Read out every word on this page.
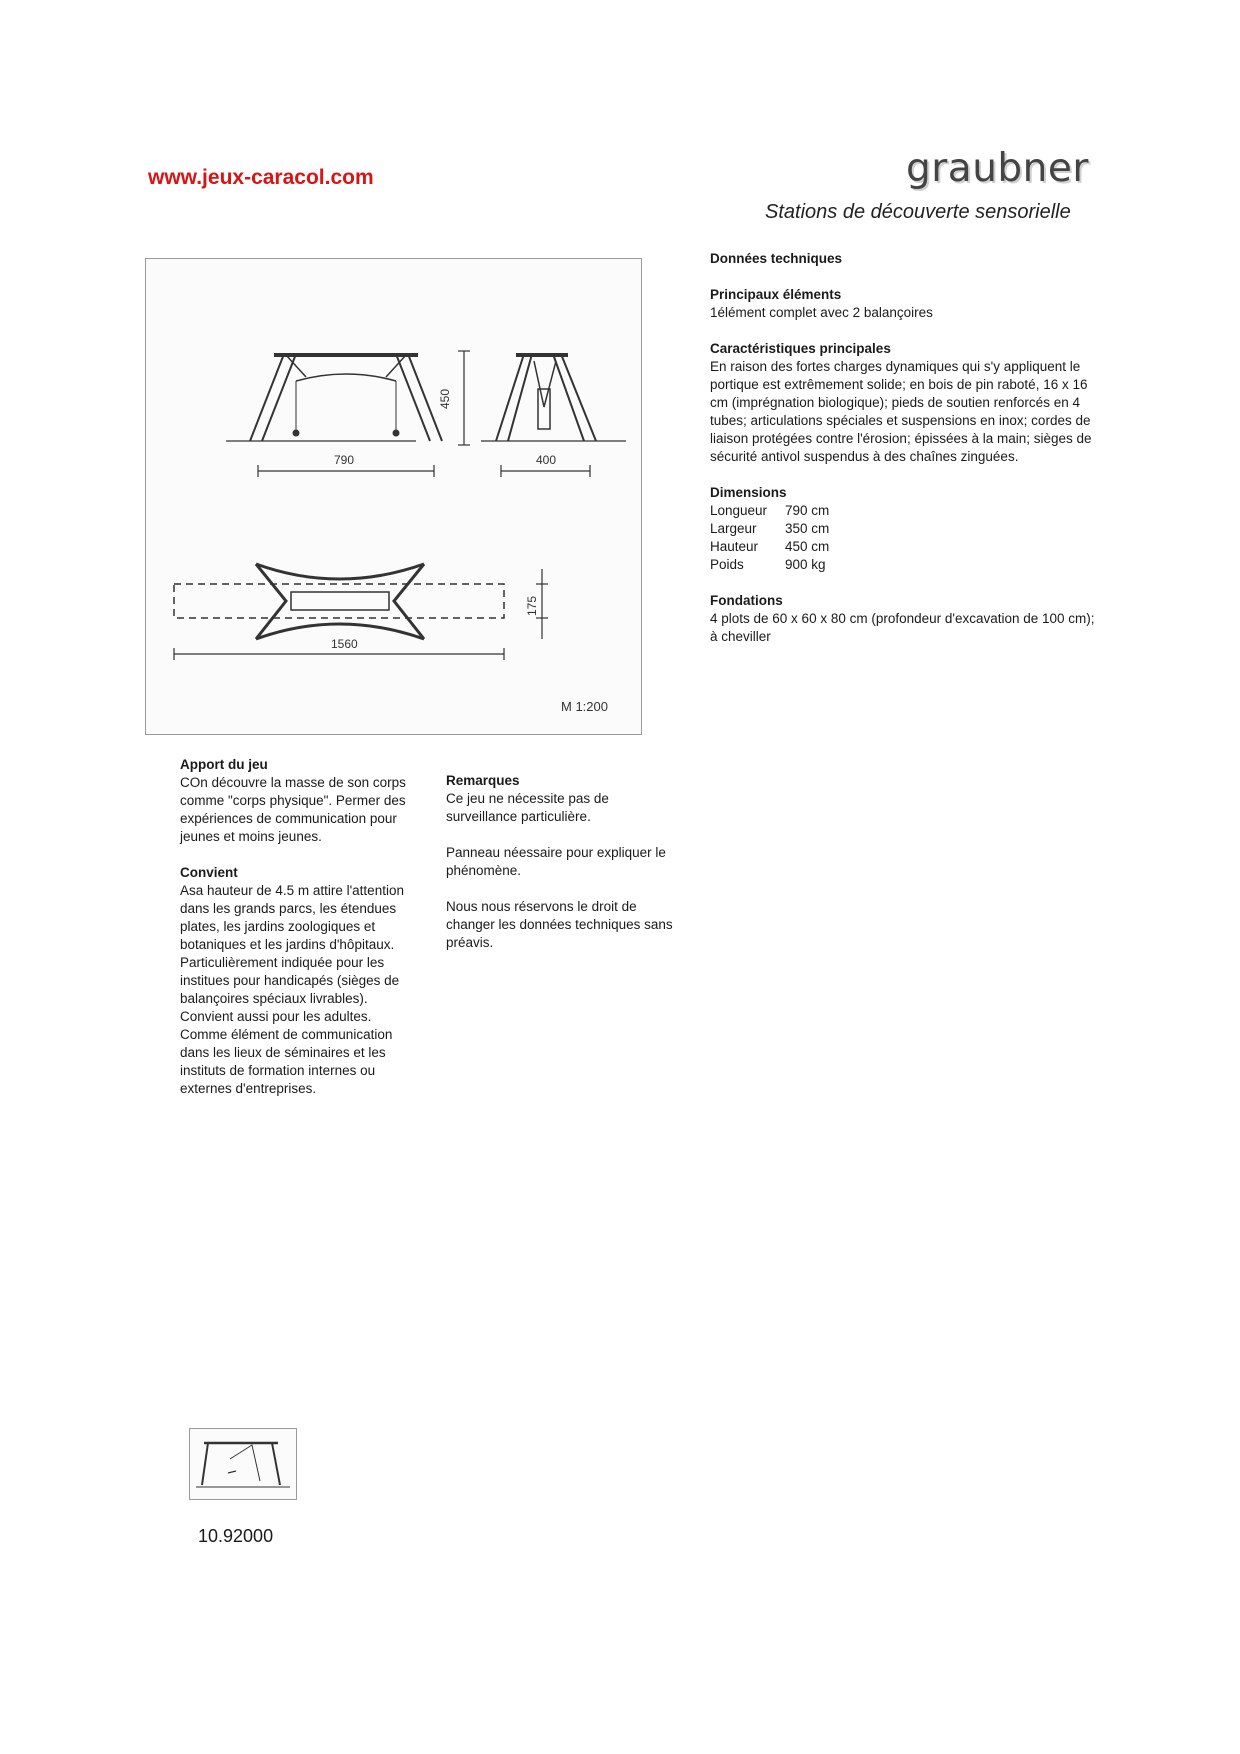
www.jeux-caracol.com	graubner
Stations de découverte sensorielle
790
450
400
1560
175
M 1:200
Données techniques
Principaux éléments
1élément complet avec 2 balançoires
Caractéristiques principales
En raison des fortes charges dynamiques qui s'y appliquent le portique est extrêmement solide; en bois de pin raboté, 16 x 16 cm (imprégnation biologique); pieds de soutien renforcés en 4 tubes; articulations spéciales et suspensions en inox; cordes de liaison protégées contre l'érosion; épissées à la main; sièges de sécurité antivol suspendus à des chaînes zinguées.
Dimensions
Longueur	790 cm
Largeur	350 cm
Hauteur	450 cm
Poids	900 kg
Fondations
4 plots de 60 x 60 x 80 cm (profondeur d'excavation de 100 cm); à cheviller
Apport du jeu
COn découvre la masse de son corps comme "corps physique". Permer des expériences de communication pour jeunes et moins jeunes.
Convient
Asa hauteur de 4.5 m attire l'attention dans les grands parcs, les étendues plates, les jardins zoologiques et botaniques et les jardins d'hôpitaux. Particulièrement indiquée pour les institues pour handicapés (sièges de balançoires spéciaux livrables). Convient aussi pour les adultes. Comme élément de communication dans les lieux de séminaires et les instituts de formation internes ou externes d'entreprises.
Remarques

Ce jeu ne nécessite pas de surveillance particulière.

Panneau néessaire pour expliquer le phénomène.

Nous nous réservons le droit de changer les données techniques sans préavis.

10.92000
